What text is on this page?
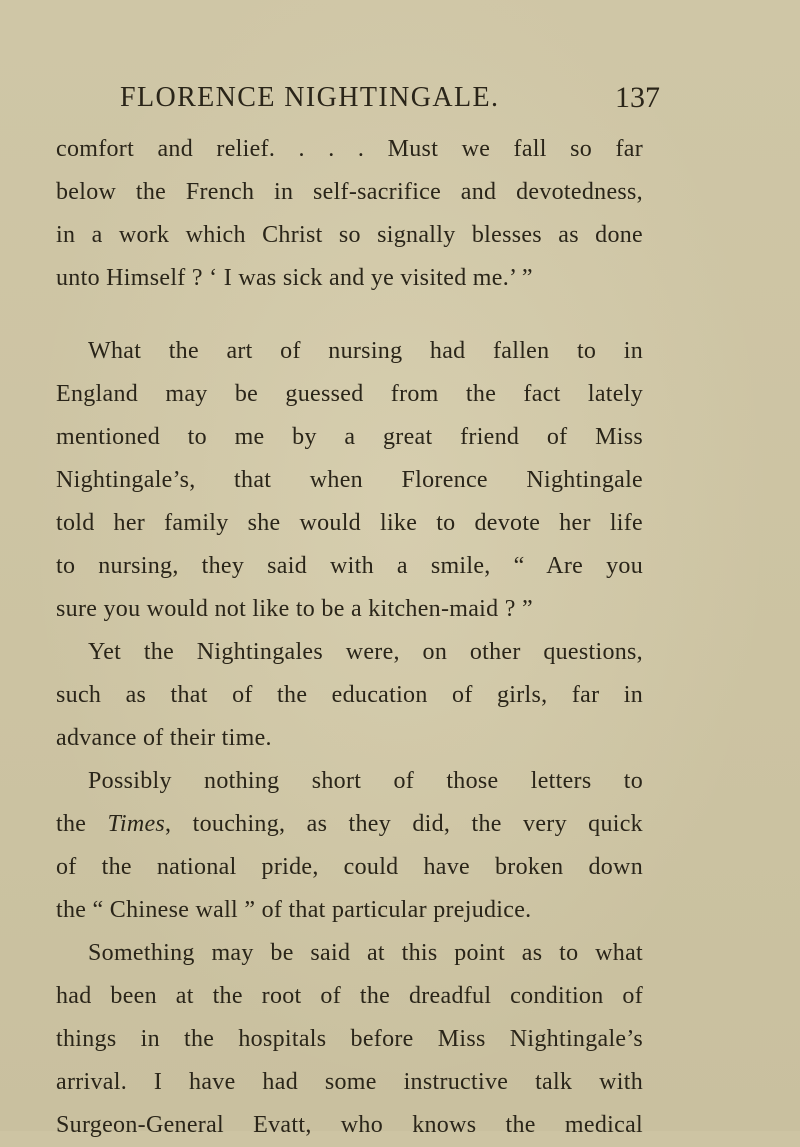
FLORENCE NIGHTINGALE.	137
comfort and relief. . . . Must we fall so far
below the French in self-sacrifice and devotedness,
in a work which Christ so signally blesses as done
unto Himself ? ‘ I was sick and ye visited me.’ ”
What the art of nursing had fallen to in
England may be guessed from the fact lately
mentioned to me by a great friend of Miss
Nightingale’s, that when Florence Nightingale
told her family she would like to devote her life
to nursing, they said with a smile, “ Are you
sure you would not like to be a kitchen-maid ? ”
Yet the Nightingales were, on other questions,
such as that of the education of girls, far in
advance of their time.
Possibly nothing short of those letters to
the Times, touching, as they did, the very quick
of the national pride, could have broken down
the “ Chinese wall ” of that particular prejudice.
Something may be said at this point as to what
had been at the root of the dreadful condition of
things in the hospitals before Miss Nightingale’s
arrival. I have had some instructive talk with
Surgeon-General Evatt, who knows the medical
